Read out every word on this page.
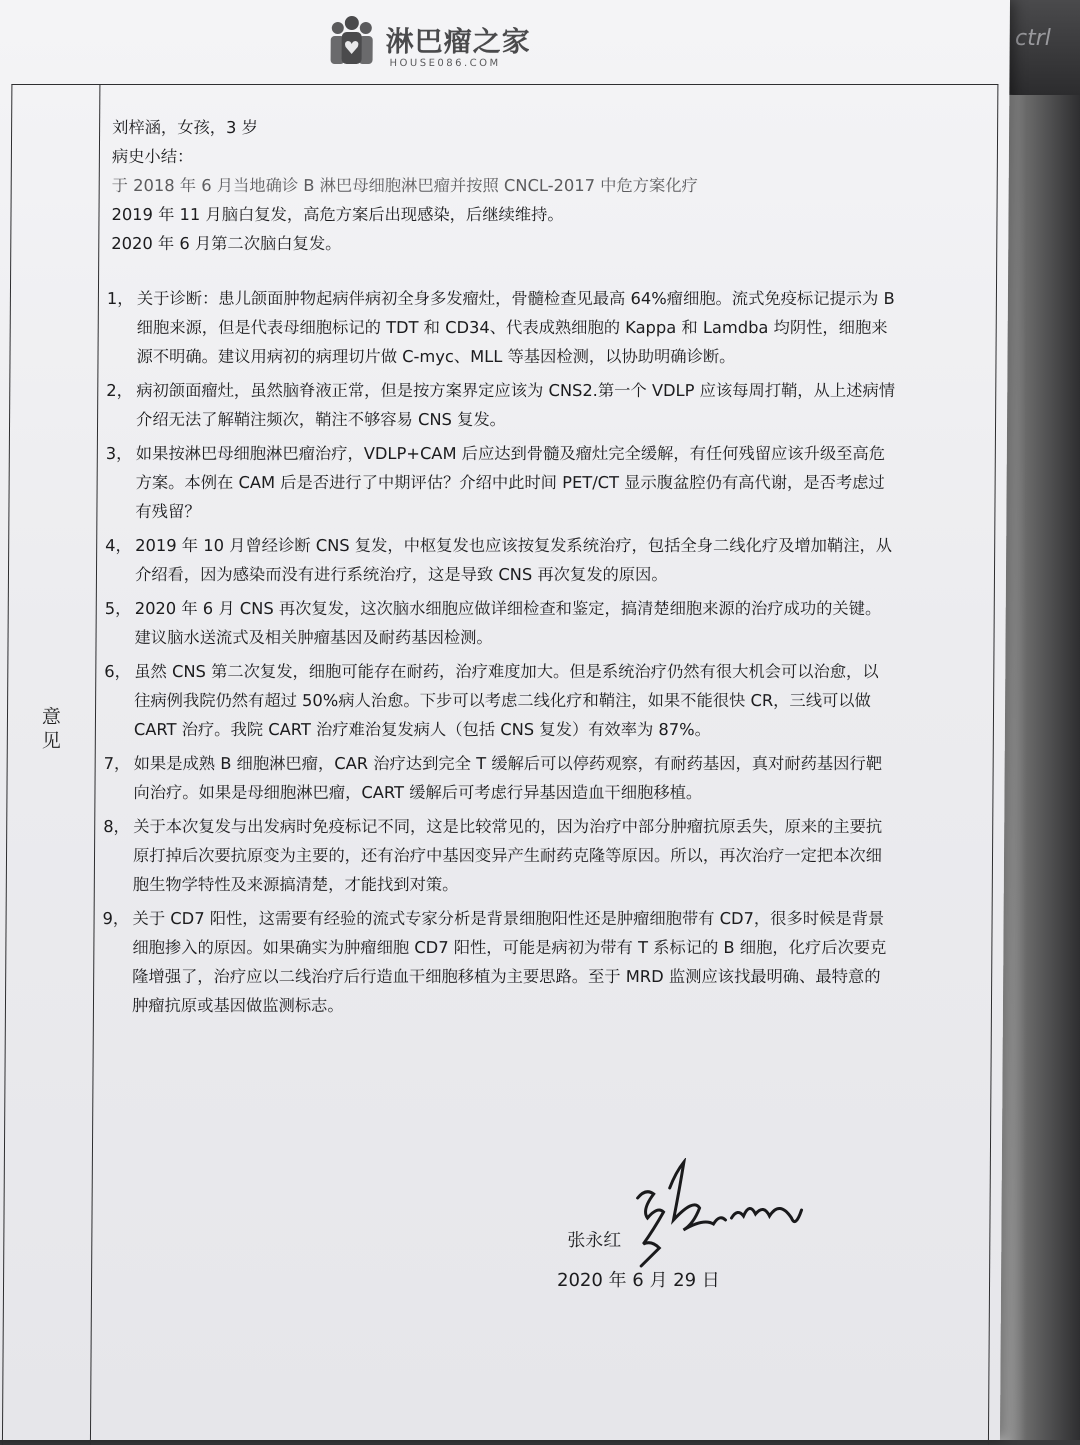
ctrl
淋巴瘤之家
HOUSE086.COM
意
见
刘梓涵，女孩，3 岁
病史小结：
于 2018 年 6 月当地确诊 B 淋巴母细胞淋巴瘤并按照 CNCL-2017 中危方案化疗
2019 年 11 月脑白复发，高危方案后出现感染，后继续维持。
2020 年 6 月第二次脑白复发。
1， 关于诊断：患儿颌面肿物起病伴病初全身多发瘤灶，骨髓检查见最高 64%瘤细胞。流式免疫标记提示为 B 细胞来源，但是代表母细胞标记的 TDT 和 CD34、代表成熟细胞的 Kappa 和 Lamdba 均阴性，细胞来源不明确。建议用病初的病理切片做 C-myc、MLL 等基因检测，以协助明确诊断。
2， 病初颌面瘤灶，虽然脑脊液正常，但是按方案界定应该为 CNS2.第一个 VDLP 应该每周打鞘，从上述病情介绍无法了解鞘注频次，鞘注不够容易 CNS 复发。
3， 如果按淋巴母细胞淋巴瘤治疗，VDLP+CAM 后应达到骨髓及瘤灶完全缓解，有任何残留应该升级至高危方案。本例在 CAM 后是否进行了中期评估？介绍中此时间 PET/CT 显示腹盆腔仍有高代谢，是否考虑过有残留？
4， 2019 年 10 月曾经诊断 CNS 复发，中枢复发也应该按复发系统治疗，包括全身二线化疗及增加鞘注，从介绍看，因为感染而没有进行系统治疗，这是导致 CNS 再次复发的原因。
5， 2020 年 6 月 CNS 再次复发，这次脑水细胞应做详细检查和鉴定，搞清楚细胞来源的治疗成功的关键。建议脑水送流式及相关肿瘤基因及耐药基因检测。
6， 虽然 CNS 第二次复发，细胞可能存在耐药，治疗难度加大。但是系统治疗仍然有很大机会可以治愈，以往病例我院仍然有超过 50%病人治愈。下步可以考虑二线化疗和鞘注，如果不能很快 CR，三线可以做 CART 治疗。我院 CART 治疗难治复发病人（包括 CNS 复发）有效率为 87%。
7， 如果是成熟 B 细胞淋巴瘤，CAR 治疗达到完全 T 缓解后可以停药观察，有耐药基因，真对耐药基因行靶向治疗。如果是母细胞淋巴瘤，CART 缓解后可考虑行异基因造血干细胞移植。
8， 关于本次复发与出发病时免疫标记不同，这是比较常见的，因为治疗中部分肿瘤抗原丢失，原来的主要抗原打掉后次要抗原变为主要的，还有治疗中基因变异产生耐药克隆等原因。所以，再次治疗一定把本次细胞生物学特性及来源搞清楚，才能找到对策。
9， 关于 CD7 阳性，这需要有经验的流式专家分析是背景细胞阳性还是肿瘤细胞带有 CD7，很多时候是背景细胞掺入的原因。如果确实为肿瘤细胞 CD7 阳性，可能是病初为带有 T 系标记的 B 细胞，化疗后次要克隆增强了，治疗应以二线治疗后行造血干细胞移植为主要思路。至于 MRD 监测应该找最明确、最特意的肿瘤抗原或基因做监测标志。
张永红
2020 年 6 月 29 日
